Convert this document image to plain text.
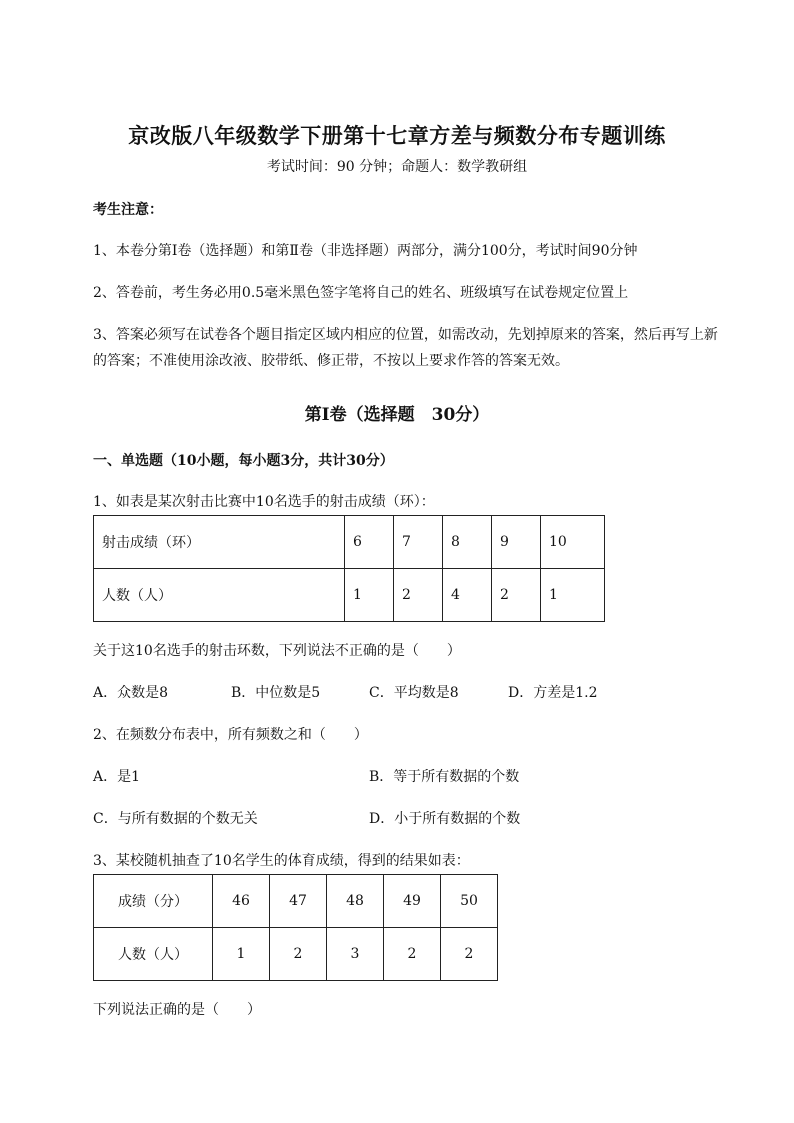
京改版八年级数学下册第十七章方差与频数分布专题训练
考试时间：90 分钟；命题人：数学教研组
考生注意：
1、本卷分第Ⅰ卷（选择题）和第Ⅱ卷（非选择题）两部分，满分100分，考试时间90分钟
2、答卷前，考生务必用0.5毫米黑色签字笔将自己的姓名、班级填写在试卷规定位置上
3、答案必须写在试卷各个题目指定区域内相应的位置，如需改动，先划掉原来的答案，然后再写上新
的答案；不准使用涂改液、胶带纸、修正带，不按以上要求作答的答案无效。
第Ⅰ卷（选择题　30分）
一、单选题（10小题，每小题3分，共计30分）
1、如表是某次射击比赛中10名选手的射击成绩（环）：
射击成绩（环）	6	7	8	9	10
人数（人）	1	2	4	2	1
关于这10名选手的射击环数，下列说法不正确的是（　　）
A．众数是8	B．中位数是5	C．平均数是8	D．方差是1.2
2、在频数分布表中，所有频数之和（　　）
A．是1	B．等于所有数据的个数
C．与所有数据的个数无关	D．小于所有数据的个数
3、某校随机抽查了10名学生的体育成绩，得到的结果如表：
成绩（分）	46	47	48	49	50
人数（人）	1	2	3	2	2
下列说法正确的是（　　）
